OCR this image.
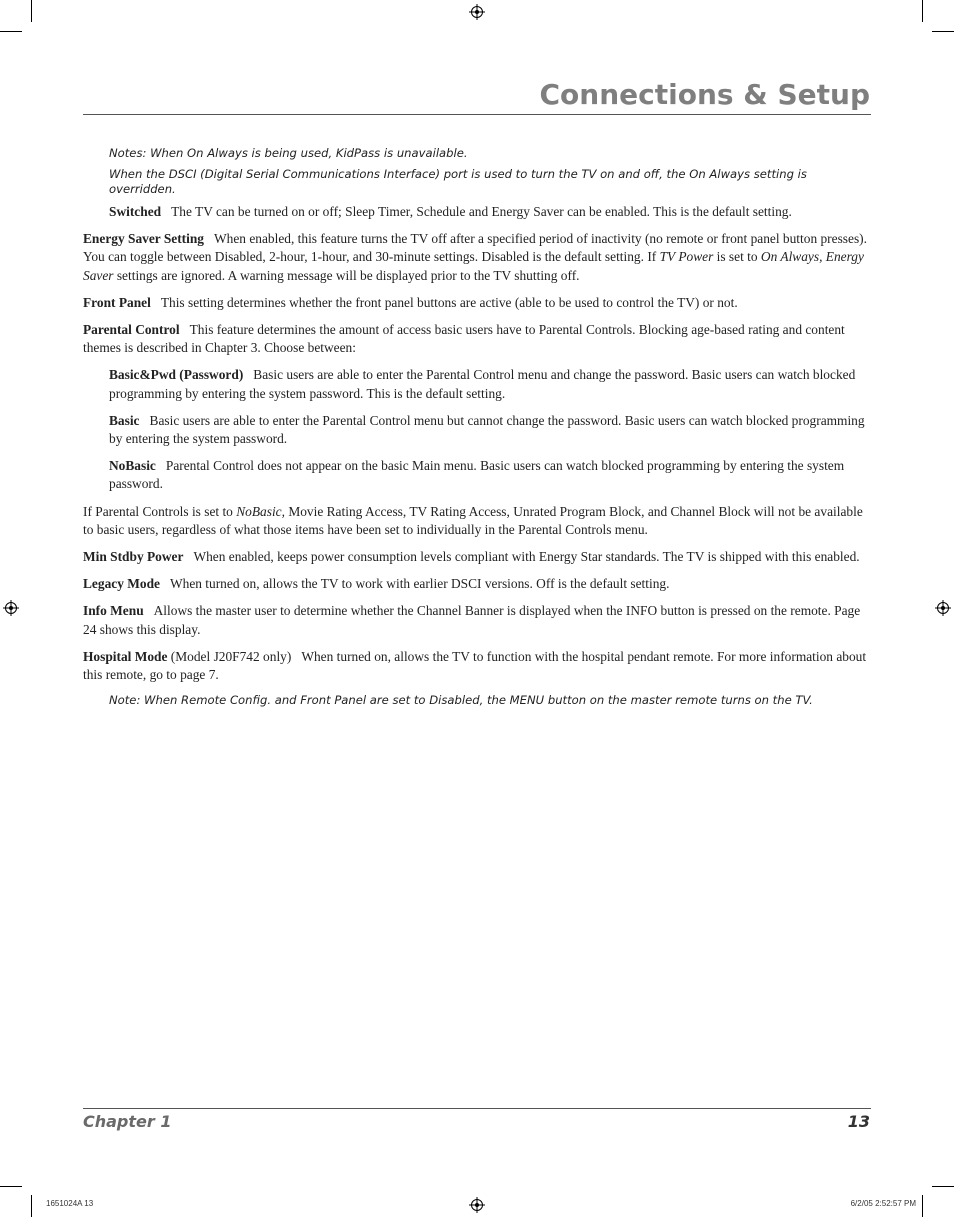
Connections & Setup

Notes: When On Always is being used, KidPass is unavailable.

When the DSCI (Digital Serial Communications Interface) port is used to turn the TV on and off, the On Always setting is overridden.

Switched The TV can be turned on or off; Sleep Timer, Schedule and Energy Saver can be enabled. This is the default setting.

Energy Saver Setting When enabled, this feature turns the TV off after a specified period of inactivity (no remote or front panel button presses). You can toggle between Disabled, 2-hour, 1-hour, and 30-minute settings. Disabled is the default setting. If TV Power is set to On Always, Energy Saver settings are ignored. A warning message will be displayed prior to the TV shutting off.

Front Panel This setting determines whether the front panel buttons are active (able to be used to control the TV) or not.

Parental Control This feature determines the amount of access basic users have to Parental Controls. Blocking age-based rating and content themes is described in Chapter 3. Choose between:

Basic&Pwd (Password) Basic users are able to enter the Parental Control menu and change the password. Basic users can watch blocked programming by entering the system password. This is the default setting.

Basic Basic users are able to enter the Parental Control menu but cannot change the password. Basic users can watch blocked programming by entering the system password.

NoBasic Parental Control does not appear on the basic Main menu. Basic users can watch blocked programming by entering the system password.

If Parental Controls is set to NoBasic, Movie Rating Access, TV Rating Access, Unrated Program Block, and Channel Block will not be available to basic users, regardless of what those items have been set to individually in the Parental Controls menu.

Min Stdby Power When enabled, keeps power consumption levels compliant with Energy Star standards. The TV is shipped with this enabled.

Legacy Mode When turned on, allows the TV to work with earlier DSCI versions. Off is the default setting.

Info Menu Allows the master user to determine whether the Channel Banner is displayed when the INFO button is pressed on the remote. Page 24 shows this display.

Hospital Mode (Model J20F742 only) When turned on, allows the TV to function with the hospital pendant remote. For more information about this remote, go to page 7.

Note: When Remote Config. and Front Panel are set to Disabled, the MENU button on the master remote turns on the TV.

Chapter 1	13
1651024A 13	6/2/05 2:52:57 PM
